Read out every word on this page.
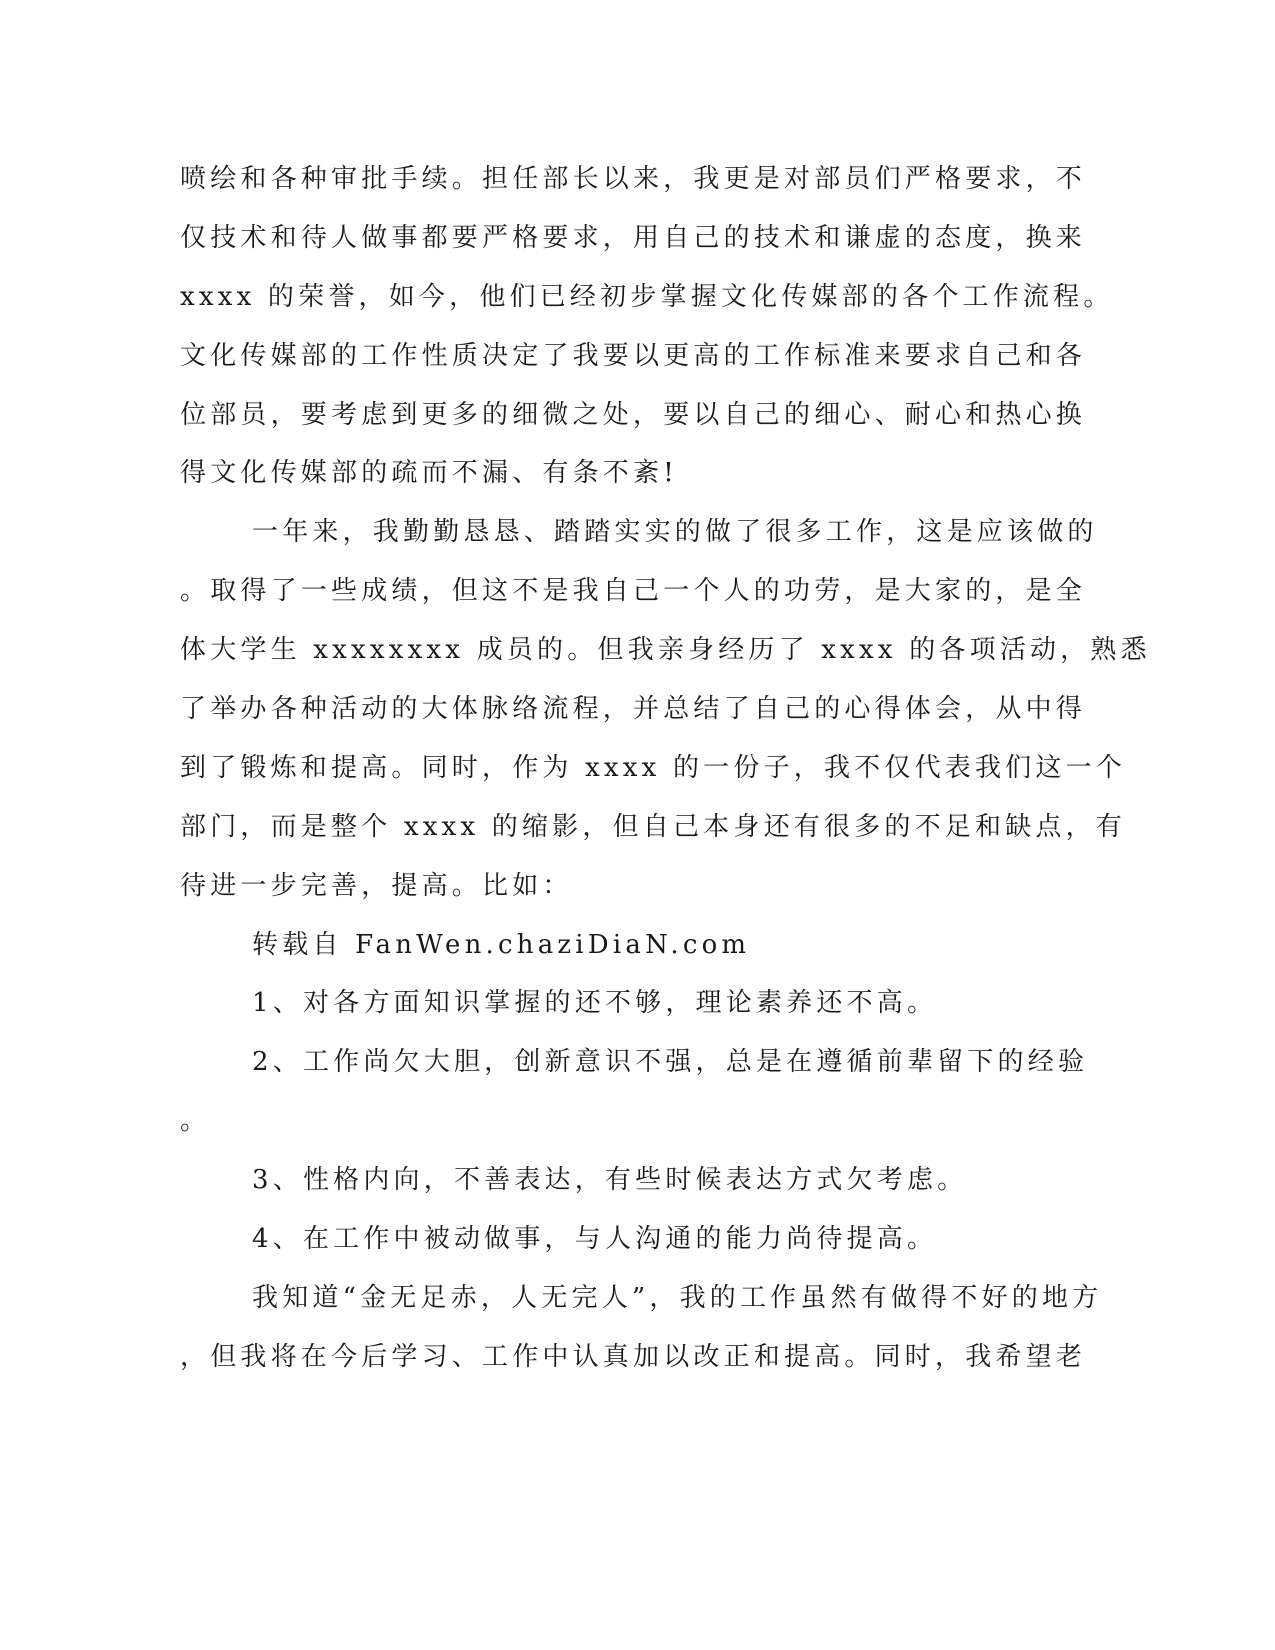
喷绘和各种审批手续。担任部长以来，我更是对部员们严格要求，不
仅技术和待人做事都要严格要求，用自己的技术和谦虚的态度，换来
xxxx 的荣誉，如今，他们已经初步掌握文化传媒部的各个工作流程。
文化传媒部的工作性质决定了我要以更高的工作标准来要求自己和各
位部员，要考虑到更多的细微之处，要以自己的细心、耐心和热心换
得文化传媒部的疏而不漏、有条不紊!
一年来，我勤勤恳恳、踏踏实实的做了很多工作，这是应该做的
。取得了一些成绩，但这不是我自己一个人的功劳，是大家的，是全
体大学生 xxxxxxxx 成员的。但我亲身经历了 xxxx 的各项活动，熟悉
了举办各种活动的大体脉络流程，并总结了自己的心得体会，从中得
到了锻炼和提高。同时，作为 xxxx 的一份子，我不仅代表我们这一个
部门，而是整个 xxxx 的缩影，但自己本身还有很多的不足和缺点，有
待进一步完善，提高。比如：
转载自 FanWen.chaziDiaN.com
1、对各方面知识掌握的还不够，理论素养还不高。
2、工作尚欠大胆，创新意识不强，总是在遵循前辈留下的经验
。
3、性格内向，不善表达，有些时候表达方式欠考虑。
4、在工作中被动做事，与人沟通的能力尚待提高。
我知道“金无足赤，人无完人”，我的工作虽然有做得不好的地方
，但我将在今后学习、工作中认真加以改正和提高。同时，我希望老
